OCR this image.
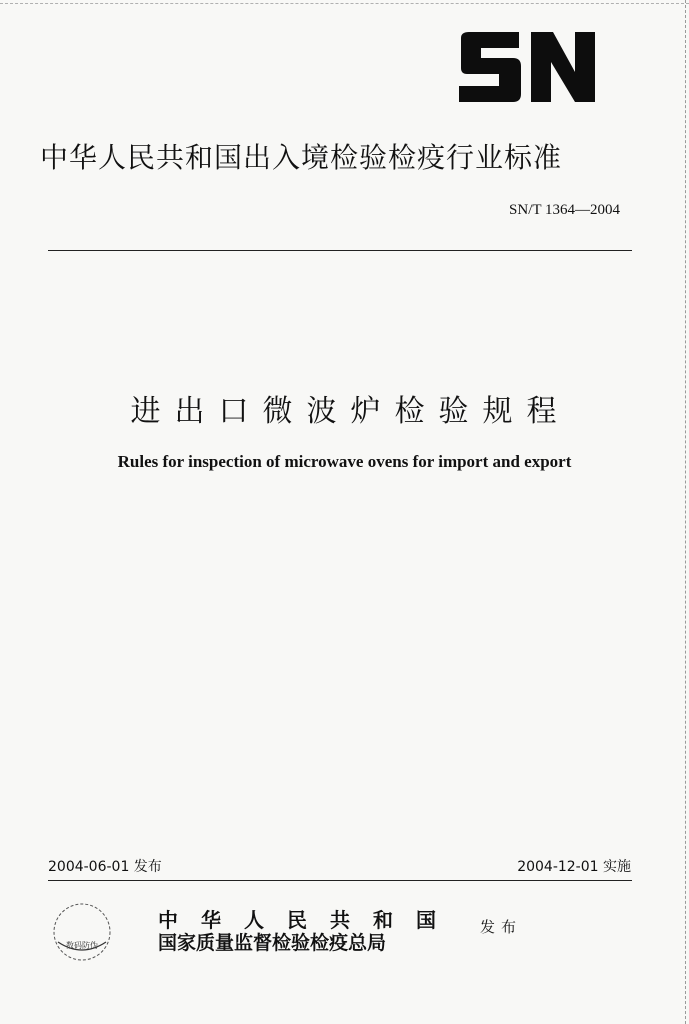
中华人民共和国出入境检验检疫行业标准
SN/T 1364—2004
进出口微波炉检验规程
Rules for inspection of microwave ovens for import and export
2004-06-01 发布	2004-12-01 实施
数码防伪
中华人民共和国
国家质量监督检验检疫总局
发布
